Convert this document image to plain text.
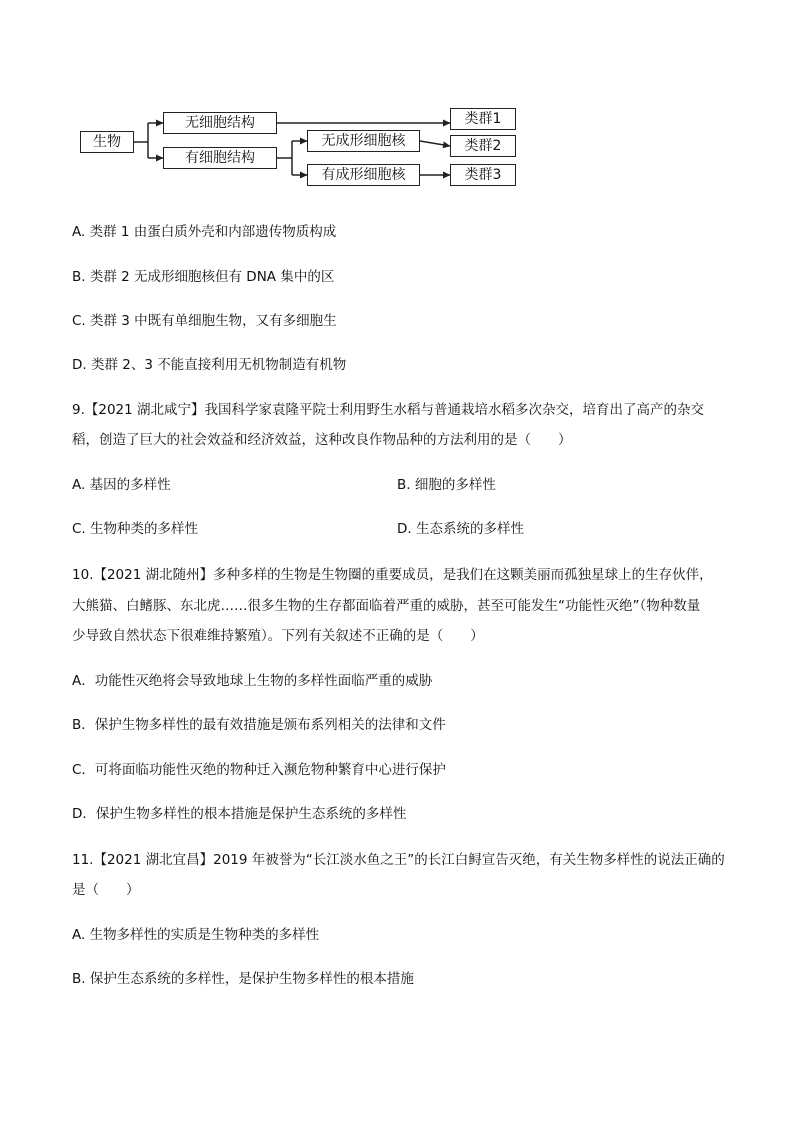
生物
无细胞结构
有细胞结构
无成形细胞核
有成形细胞核
类群1
类群2
类群3
A. 类群 1 由蛋白质外壳和内部遗传物质构成
B. 类群 2 无成形细胞核但有 DNA 集中的区
C. 类群 3 中既有单细胞生物，又有多细胞生
D. 类群 2、3 不能直接利用无机物制造有机物
9.【2021 湖北咸宁】我国科学家袁隆平院士利用野生水稻与普通栽培水稻多次杂交，培育出了高产的杂交
稻，创造了巨大的社会效益和经济效益，这种改良作物品种的方法利用的是（　　）
A. 基因的多样性	B. 细胞的多样性
C. 生物种类的多样性	D. 生态系统的多样性
10.【2021 湖北随州】多种多样的生物是生物圈的重要成员，是我们在这颗美丽而孤独星球上的生存伙伴，
大熊猫、白鳍豚、东北虎……很多生物的生存都面临着严重的威胁，甚至可能发生“功能性灭绝”（物种数量
少导致自然状态下很难维持繁殖）。下列有关叙述不正确的是（　　）
A．功能性灭绝将会导致地球上生物的多样性面临严重的威胁
B．保护生物多样性的最有效措施是颁布系列相关的法律和文件
C．可将面临功能性灭绝的物种迁入濒危物种繁育中心进行保护
D．保护生物多样性的根本措施是保护生态系统的多样性
11.【2021 湖北宜昌】2019 年被誉为“长江淡水鱼之王”的长江白鲟宣告灭绝，有关生物多样性的说法正确的
是（　　）
A. 生物多样性的实质是生物种类的多样性
B. 保护生态系统的多样性，是保护生物多样性的根本措施
